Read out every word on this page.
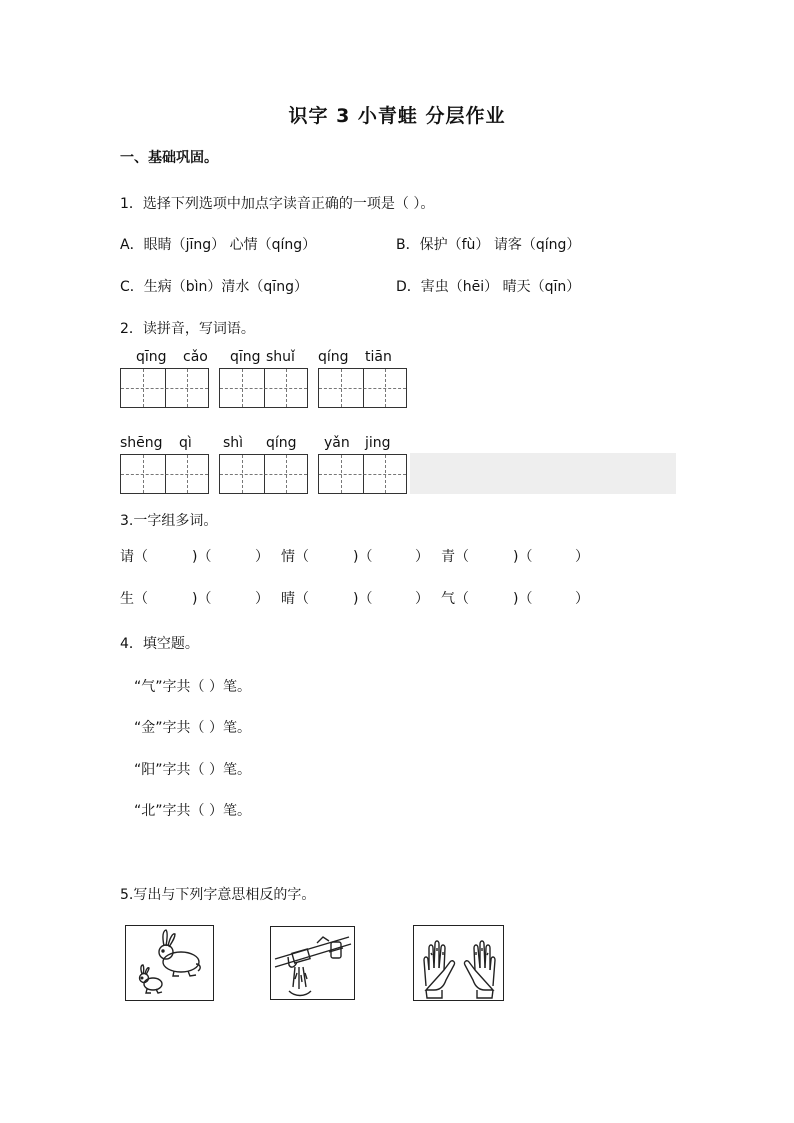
识字 3 小青蛙 分层作业
一、基础巩固。
1．选择下列选项中加点字读音正确的一项是（ ）。
A．眼睛（jīng） 心情（qíng）	B．保护（fù） 请客（qíng）
C．生病（bìn）清水（qīng）	D．害虫（hēi） 晴天（qīn）
2．读拼音，写词语。
qīng cǎo qīng shuǐ qíng tiān
shēng qì shì qíng yǎn jing
3.一字组多词。
请（	)（	） 情（	)（	） 青（	)（	）
生（	)（	） 晴（	)（	） 气（	)（	）
4．填空题。
“气”字共（ ）笔。
“金”字共（ ）笔。
“阳”字共（ ）笔。
“北”字共（ ）笔。
5.写出与下列字意思相反的字。
